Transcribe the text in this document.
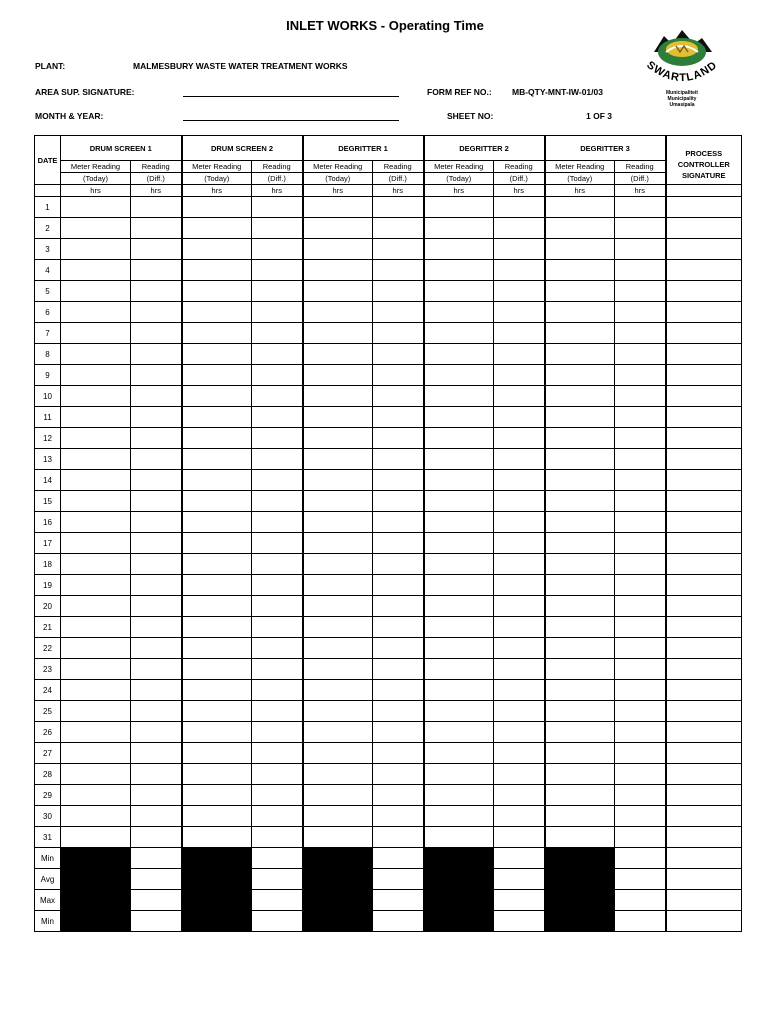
INLET WORKS - Operating Time
PLANT:	MALMESBURY WASTE WATER TREATMENT WORKS
AREA SUP. SIGNATURE:	FORM REF NO.: MB-QTY-MNT-IW-01/03
MONTH & YEAR:	SHEET NO:	1 OF 3
SWARTLAND
Municipaliteit
Municipality
Umasipala
DATE	DRUM SCREEN 1		DRUM SCREEN 2		DEGRITTER 1		DEGRITTER 2		DEGRITTER 3		PROCESS
CONTROLLER
SIGNATURE

	Meter Reading	Reading	Meter Reading	Reading	Meter Reading	Reading	Meter Reading	Reading	Meter Reading	Reading	
	(Today)	(Diff.)	(Today)	(Diff.)	(Today)	(Diff.)	(Today)	(Diff.)	(Today)	(Diff.)	
	hrs	hrs	hrs	hrs	hrs	hrs	hrs	hrs	hrs	hrs	
1											
2											
3											
4											
5											
6											
7											
8											
9											
10											
11											
12											
13											
14											
15											
16											
17											
18											
19											
20											
21											
22											
23											
24											
25											
26											
27											
28											
29											
30											
31											
Min											
Avg											
Max											
Min											
